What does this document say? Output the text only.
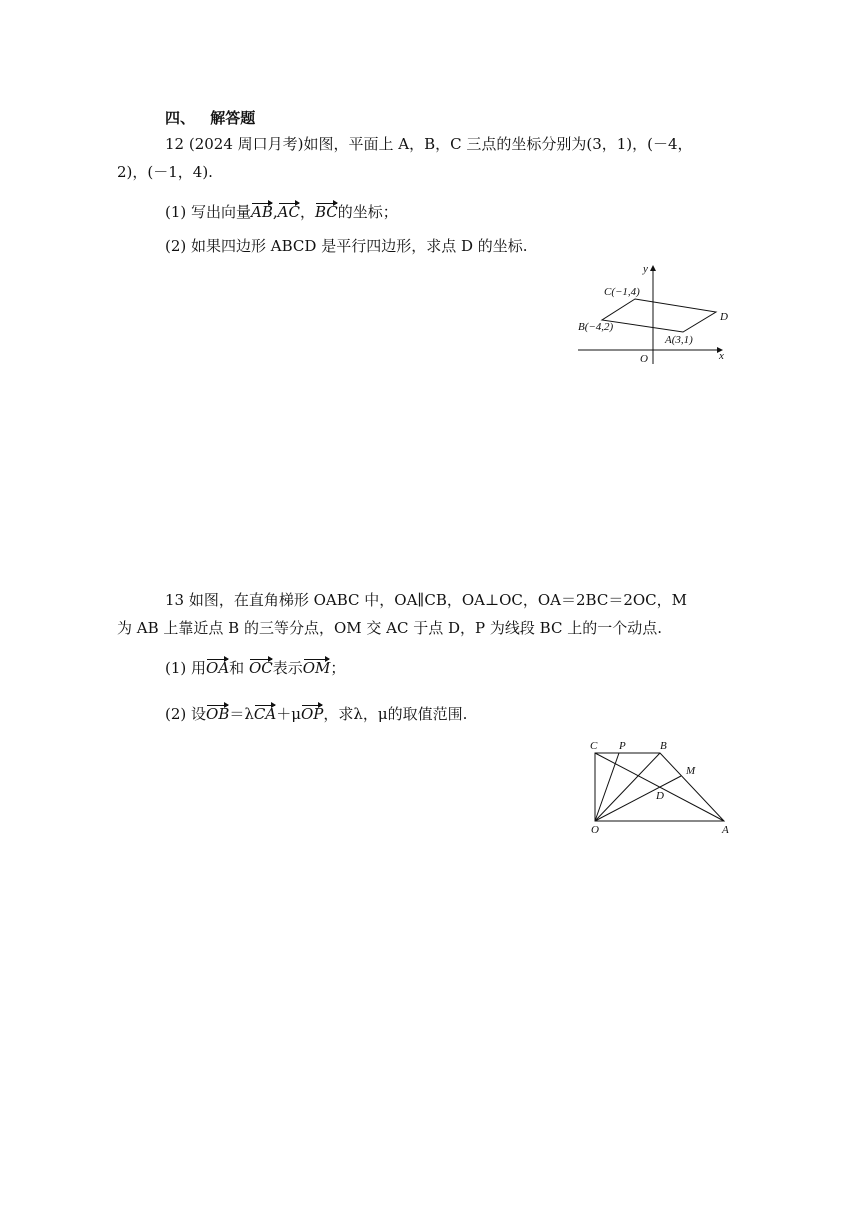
四、 解答题
12 (2024 周口月考)如图，平面上 A，B，C 三点的坐标分别为(3，1)，(－4，
2)，(－1，4).
(1) 写出向量AB,AC，BC的坐标；
(2) 如果四边形 ABCD 是平行四边形，求点 D 的坐标.
y
x
O
C(−1,4)
B(−4,2)
A(3,1)
D
13 如图，在直角梯形 OABC 中，OA∥CB，OA⊥OC，OA＝2BC＝2OC，M
为 AB 上靠近点 B 的三等分点，OM 交 AC 于点 D，P 为线段 BC 上的一个动点.
(1) 用OA和 OC表示OM；
(2) 设OB＝λCA＋μOP，求λ，μ的取值范围.
C P	B
M
D
O	A
